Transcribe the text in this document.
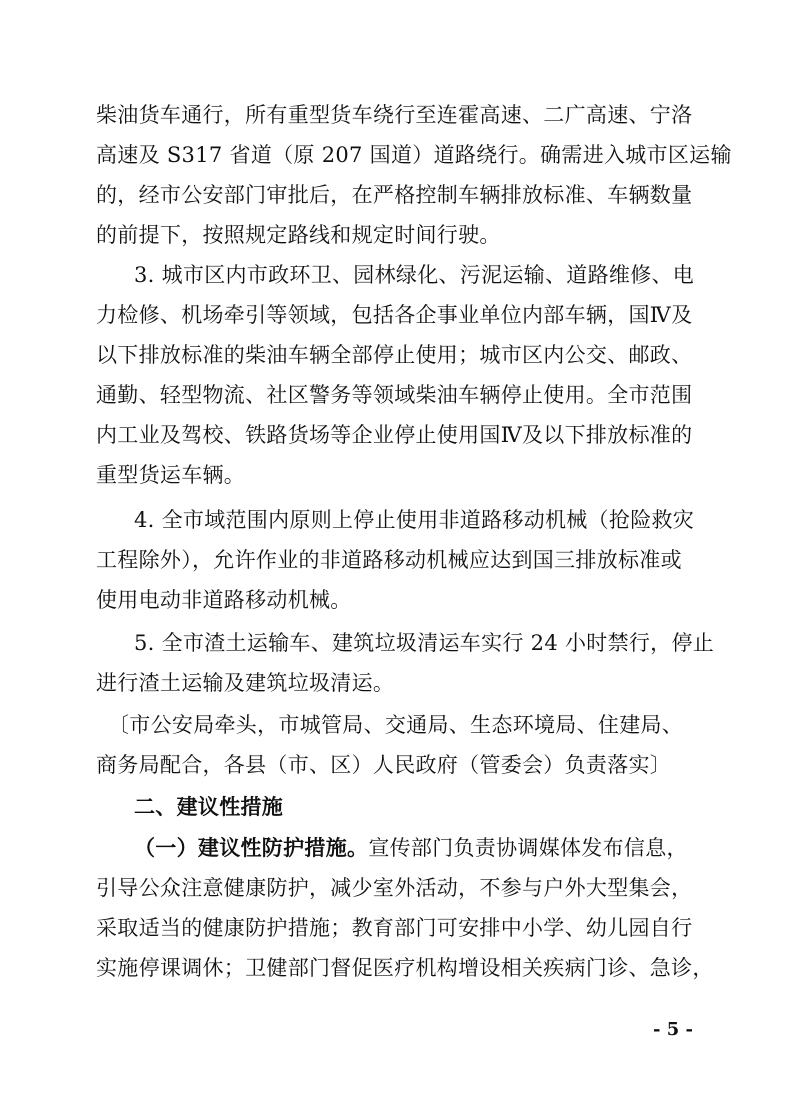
柴油货车通行，所有重型货车绕行至连霍高速、二广高速、宁洛
高速及 S317 省道（原 207 国道）道路绕行。确需进入城市区运输
的，经市公安部门审批后，在严格控制车辆排放标准、车辆数量
的前提下，按照规定路线和规定时间行驶。
3. 城市区内市政环卫、园林绿化、污泥运输、道路维修、电
力检修、机场牵引等领域，包括各企事业单位内部车辆，国Ⅳ及
以下排放标准的柴油车辆全部停止使用；城市区内公交、邮政、
通勤、轻型物流、社区警务等领域柴油车辆停止使用。全市范围
内工业及驾校、铁路货场等企业停止使用国Ⅳ及以下排放标准的
重型货运车辆。
4. 全市域范围内原则上停止使用非道路移动机械（抢险救灾
工程除外），允许作业的非道路移动机械应达到国三排放标准或
使用电动非道路移动机械。
5. 全市渣土运输车、建筑垃圾清运车实行 24 小时禁行，停止
进行渣土运输及建筑垃圾清运。
〔市公安局牵头，市城管局、交通局、生态环境局、住建局、
商务局配合，各县（市、区）人民政府（管委会）负责落实〕
二、建议性措施
（一）建议性防护措施。宣传部门负责协调媒体发布信息，
引导公众注意健康防护，减少室外活动，不参与户外大型集会，
采取适当的健康防护措施；教育部门可安排中小学、幼儿园自行
实施停课调休；卫健部门督促医疗机构增设相关疾病门诊、急诊，
- 5 -
